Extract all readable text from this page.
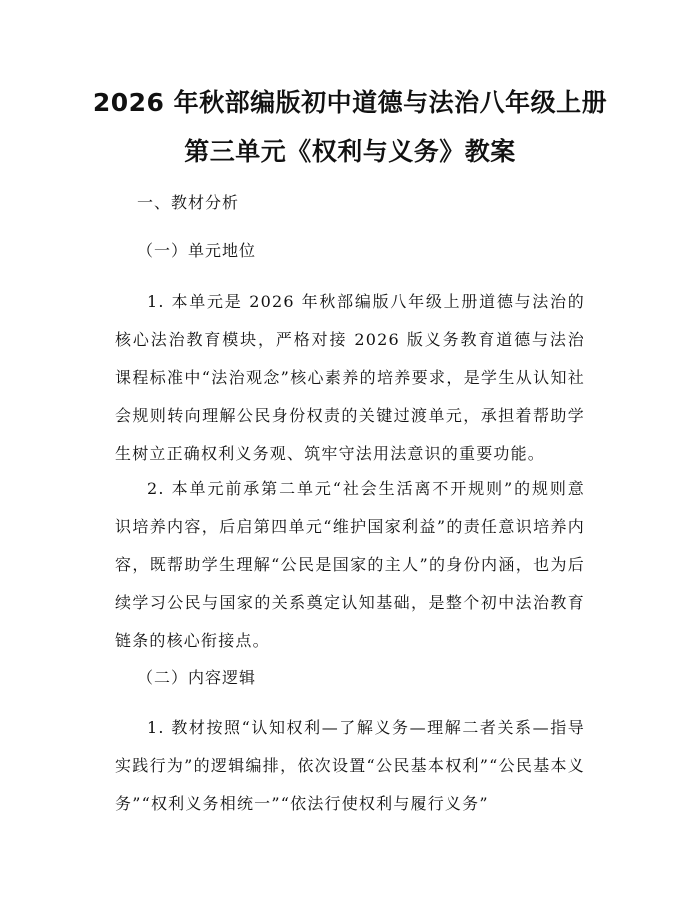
2026 年秋部编版初中道德与法治八年级上册
第三单元《权利与义务》教案
一、教材分析
（一）单元地位

1. 本单元是 2026 年秋部编版八年级上册道德与法治的核心法治教育模块，严格对接 2026 版义务教育道德与法治课程标准中“法治观念”核心素养的培养要求，是学生从认知社会规则转向理解公民身份权责的关键过渡单元，承担着帮助学生树立正确权利义务观、筑牢守法用法意识的重要功能。

2. 本单元前承第二单元“社会生活离不开规则”的规则意识培养内容，后启第四单元“维护国家利益”的责任意识培养内容，既帮助学生理解“公民是国家的主人”的身份内涵，也为后续学习公民与国家的关系奠定认知基础，是整个初中法治教育链条的核心衔接点。

（二）内容逻辑

1. 教材按照“认知权利—了解义务—理解二者关系—指导实践行为”的逻辑编排，依次设置“公民基本权利”“公民基本义务”“权利义务相统一”“依法行使权利与履行义务”
